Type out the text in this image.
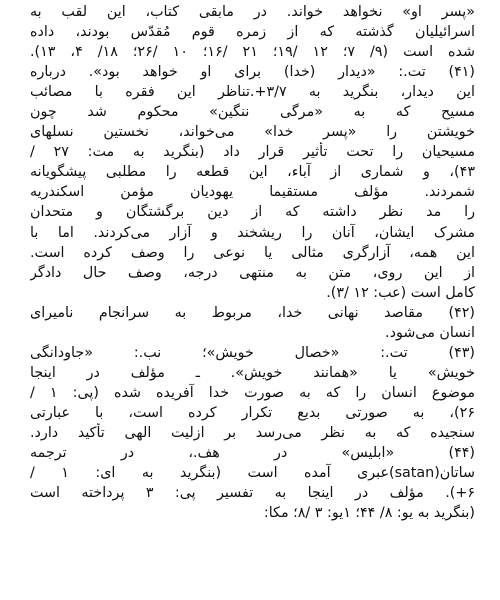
«پسر او» نخواهد خواند. در مابقی کتاب، این لقب به
اسرائیلیان گذشته که از زمره قوم مُقدّس بودند، داده
شده است (۹/ ۷؛ ۱۲ /۱۹؛ ۲۱ /۱۶؛ ۱۰ /۲۶؛ ۱۸/ ۴، ۱۳).
(۴۱) تت.: «دیدار (خدا) برای او خواهد بود». درباره
این دیدار، بنگرید به ۳/۷+.تناظر این فقره با مصائب
مسیح که به «مرگی ننگین» محکوم شد چون
خویشتن را «پسر خدا» می‌خواند، نخستین نسلهای
مسیحیان را تحت تأثیر قرار داد (بنگرید به مت: ۲۷ /
۴۳)، و شماری از آباء، این قطعه را مطلبی پیشگویانه
شمردند. مؤلف مستقیما یهودیان مؤمن اسکندریه
را مد نظر داشته که از دین برگشتگان و متحدان
مشرک ایشان، آنان را ریشخند و آزار می‌کردند. اما با
این همه، آزارگری مثالی یا نوعی را وصف کرده است.
از این روی، متن به منتهی درجه، وصف حال دادگر
کامل است (عب: ۱۲ /۳).
(۴۲) مقاصد نهانی خدا، مربوط به سرانجام نامیرای
انسان می‌شود.
(۴۳) تت.: «خصال خویش»؛ نب.: «جاودانگی
خویش» یا «همانند خویش». ـ مؤلف در اینجا
موضوع انسان را که به صورت خدا آفریده شده (پی: ۱ /
۲۶)، به صورتی بدیع تکرار کرده است، با عبارتی
سنجیده که به نظر می‌رسد بر ازلیت الهی تأکید دارد.
(۴۴) «ابلیس» در هف.، در ترجمه
ساتان(satan)عبری آمده است (بنگرید به ای: ۱ /
۶+). مؤلف در اینجا به تفسیر پی: ۳ پرداخته است
(بنگرید به یو: ۸/ ۴۴؛ ۱یو: ۳ /۸؛ مکا:
